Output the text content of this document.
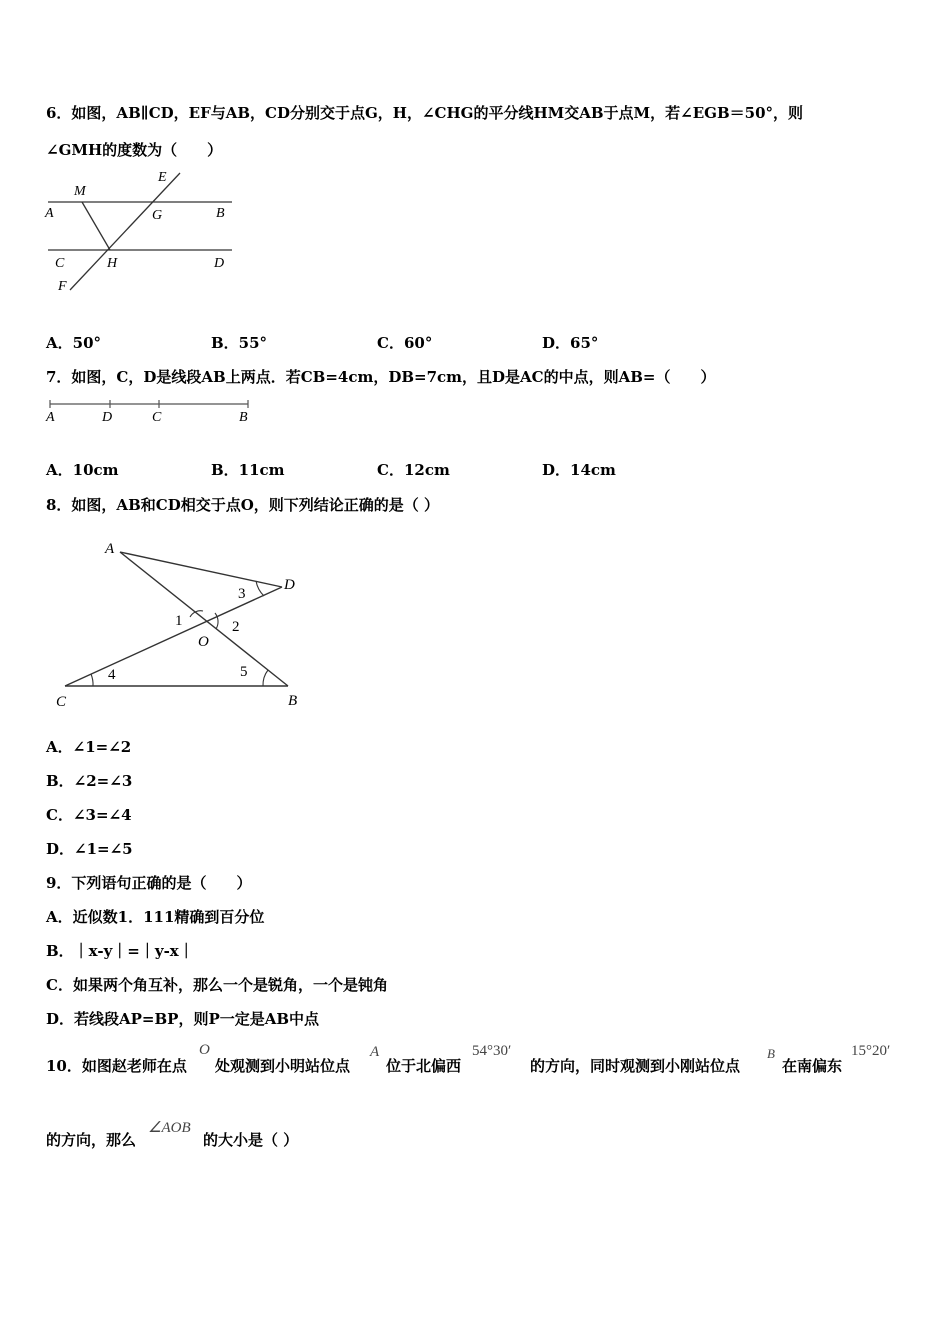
6．如图，AB∥CD，EF与AB，CD分别交于点G，H，∠CHG的平分线HM交AB于点M，若∠EGB＝50°，则
∠GMH的度数为（　　）
M
E
A	G	B
C	H	D
F
A．50°	B．55°	C．60°	D．65°
7．如图，C，D是线段AB上两点．若CB=4cm，DB=7cm，且D是AC的中点，则AB=（　　）
A	D	C	B
A．10cm	B．11cm	C．12cm	D．14cm
8．如图，AB和CD相交于点O，则下列结论正确的是（ ）
A
D
O
C	B
1	2
3
4	5
A．∠1=∠2
B．∠2=∠3
C．∠3=∠4
D．∠1=∠5
9．下列语句正确的是（　　）
A．近似数1．111精确到百分位
B．｜x-y｜=｜y-x｜
C．如果两个角互补，那么一个是锐角，一个是钝角
D．若线段AP=BP，则P一定是AB中点
10．如图赵老师在点
O
处观测到小明站位点
A
位于北偏西
54°30′
的方向，同时观测到小刚站位点
B
在南偏东
15°20′
的方向，那么
∠AOB
的大小是（ ）
